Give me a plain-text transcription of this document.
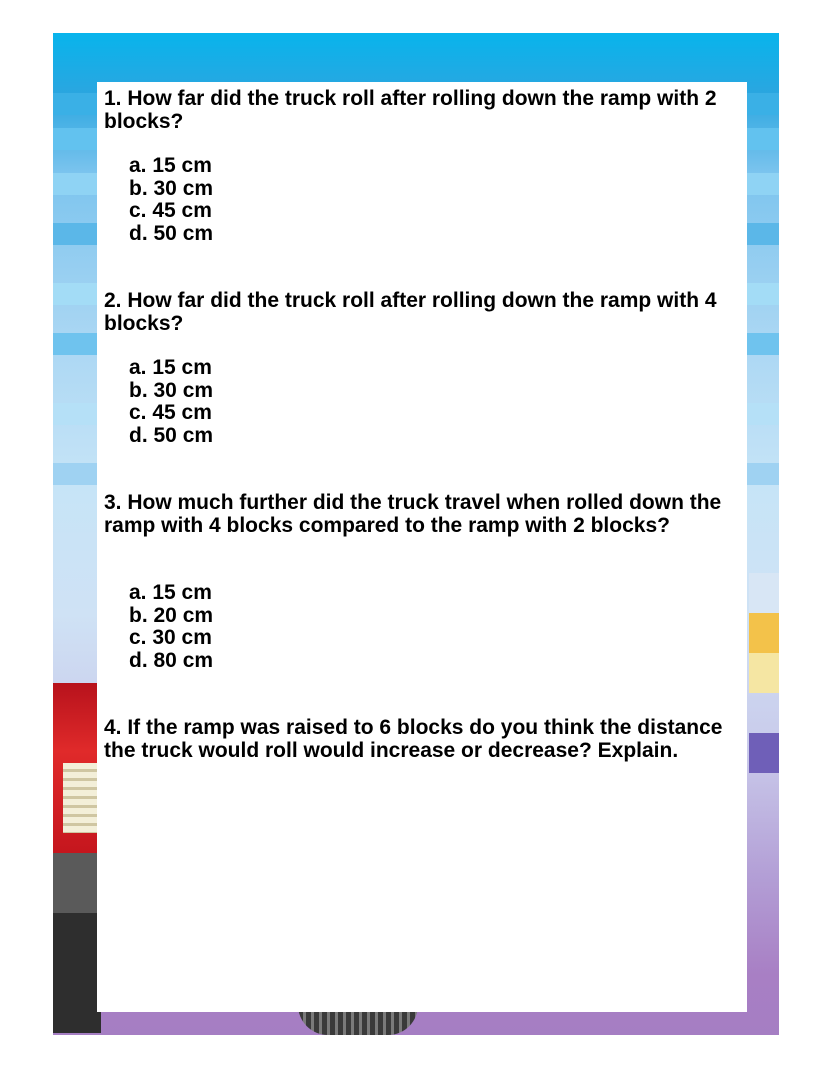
1. How far did the truck roll after rolling down the ramp with 2 blocks?
a. 15 cm
b. 30 cm
c. 45 cm
d. 50 cm
2. How far did the truck roll after rolling down the ramp with 4 blocks?
a. 15 cm
b. 30 cm
c. 45 cm
d. 50 cm
3. How much further did the truck travel when rolled down the ramp with 4 blocks compared to the ramp with 2 blocks?
a. 15 cm
b. 20 cm
c. 30 cm
d. 80 cm
4. If the ramp was raised to 6 blocks do you think the distance the truck would roll would increase or decrease? Explain.
